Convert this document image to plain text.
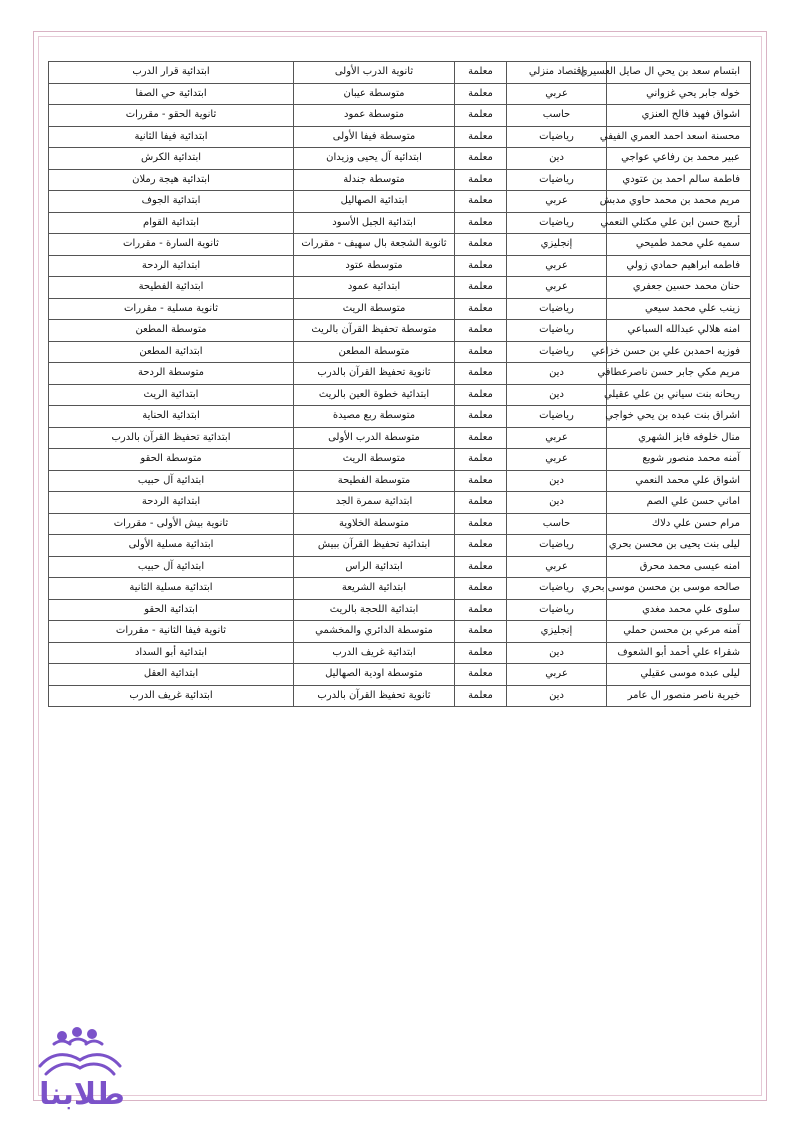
ابتسام سعد بن يحي ال صايل العسيري	اقتصاد منزلي	معلمة	ثانوية الدرب الأولى	ابتدائية قرار الدرب
خوله جابر يحي غزواني	عربي	معلمة	متوسطة عيبان	ابتدائية حي الصفا
اشواق فهيد فالح العنزي	حاسب	معلمة	متوسطة عمود	ثانوية الحقو - مقررات
محسنة اسعد احمد العمري الفيفي	رياضيات	معلمة	متوسطة فيفا الأولى	ابتدائية فيفا الثانية
عبير محمد بن رفاعي عواجي	دين	معلمة	ابتدائية آل يحيى وزيدان	ابتدائية الكرش
فاطمة سالم احمد بن عتودي	رياضيات	معلمة	متوسطة جندلة	ابتدائية هيجة رملان
مريم محمد بن محمد حاوي مدبش	عربي	معلمة	ابتدائية الصهاليل	ابتدائية الجوف
أريج حسن ابن علي مكتلي النعمي	رياضيات	معلمة	ابتدائية الجبل الأسود	ابتدائية القوام
سميه علي محمد طميحي	إنجليزي	معلمة	ثانوية الشجعة بال سهيف - مقررات	ثانوية السارة - مقررات
فاطمه ابراهيم حمادي زولي	عربي	معلمة	متوسطة عتود	ابتدائية الردحة
حنان محمد حسين جعفري	عربي	معلمة	ابتدائية عمود	ابتدائية الفطيحة
زينب علي محمد سيعي	رياضيات	معلمة	متوسطة الريث	ثانوية مسلية - مقررات
امنه هلالي عبدالله السباعي	رياضيات	معلمة	متوسطة تحفيظ القرآن بالريث	متوسطة المطعن
فوزيه احمدبن علي بن حسن خزاعي	رياضيات	معلمة	متوسطة المطعن	ابتدائية المطعن
مريم مكي جابر حسن ناصرعطافي	دين	معلمة	ثانوية تحفيظ القرآن بالدرب	متوسطة الردحة
ريحانه بنت سياني بن علي عقيلي	دين	معلمة	ابتدائية خطوة العين بالريث	ابتدائية الريث
اشراق بنت عبده بن يحي خواجي	رياضيات	معلمة	متوسطة ربع مصيدة	ابتدائية الحناية
منال خلوفه فايز الشهري	عربي	معلمة	متوسطة الدرب الأولى	ابتدائية تحفيظ القرآن بالدرب
آمنه محمد منصور شويع	عربي	معلمة	متوسطة الريث	متوسطة الحقو
اشواق علي محمد النعمي	دين	معلمة	متوسطة الفطيحة	ابتدائية آل حبيب
اماني حسن علي الصم	دين	معلمة	ابتدائية سمرة الجد	ابتدائية الردحة
مرام حسن علي دلاك	حاسب	معلمة	متوسطة الخلاوية	ثانوية بيش الأولى - مقررات
ليلى بنت يحيى بن محسن بحري	رياضيات	معلمة	ابتدائية تحفيظ القرآن ببيش	ابتدائية مسلية الأولى
امنه عيسى محمد محرق	عربي	معلمة	ابتدائية الراس	ابتدائية آل حبيب
صالحه موسى بن محسن موسى بحري	رياضيات	معلمة	ابتدائية الشريعة	ابتدائية مسلية الثانية
سلوى علي محمد مغدي	رياضيات	معلمة	ابتدائية اللحجة بالريث	ابتدائية الحقو
آمنه مرعي بن محسن حملي	إنجليزي	معلمة	متوسطة الدائري والمخشمي	ثانوية فيفا الثانية - مقررات
شقراء علي أحمد أبو الشعوف	دين	معلمة	ابتدائية غريف الدرب	ابتدائية أبو السداد
ليلى عبده موسى عقيلي	عربي	معلمة	متوسطة اودية الصهاليل	ابتدائية العقل
خيرية ناصر منصور ال عامر	دين	معلمة	ثانوية تحفيظ القرآن بالدرب	ابتدائية غريف الدرب
طلابنا
